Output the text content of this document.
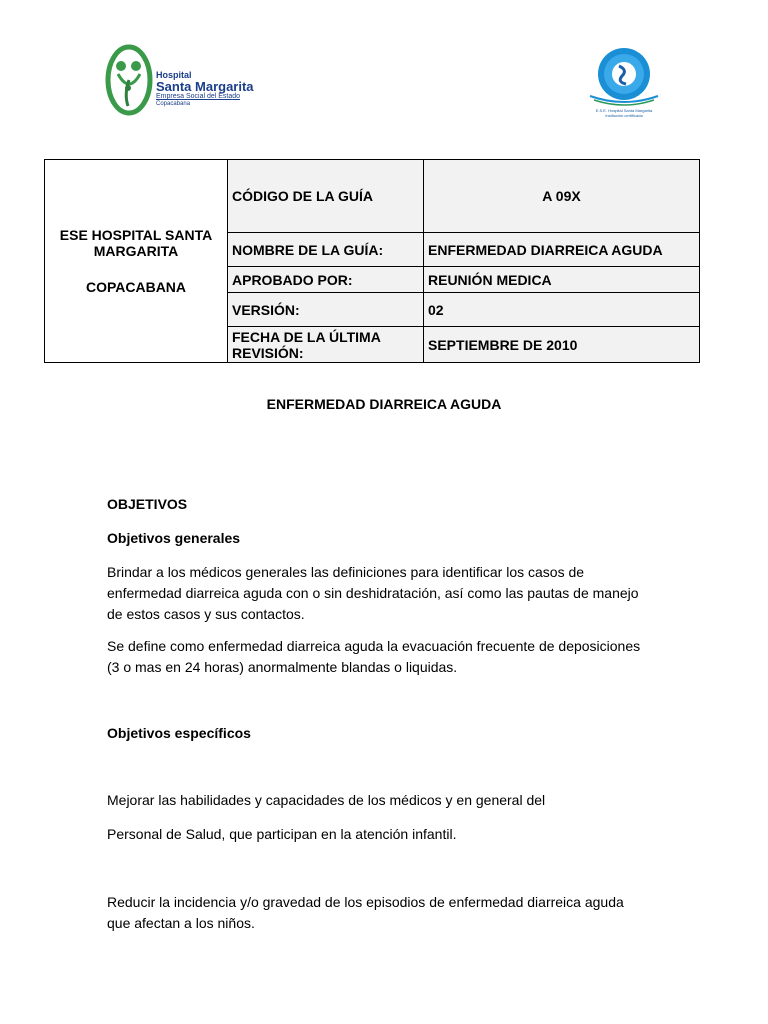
Hospital
Santa Margarita
Empresa Social del Estado
Copacabana
E.S.E. Hospital Santa Margarita
Institución certificada
ESE HOSPITAL SANTA MARGARITA
COPACABANA	CÓDIGO DE LA GUÍA	A 09X
	NOMBRE DE LA GUÍA:	ENFERMEDAD DIARREICA AGUDA
	APROBADO POR:	REUNIÓN MEDICA
	VERSIÓN:	02
	FECHA DE LA ÚLTIMA REVISIÓN:	SEPTIEMBRE DE 2010
ENFERMEDAD DIARREICA AGUDA
OBJETIVOS
Objetivos generales
Brindar a los médicos generales las definiciones para identificar los casos de enfermedad diarreica aguda con o sin deshidratación, así como las pautas de manejo de estos casos y sus contactos.
Se define como enfermedad diarreica aguda la evacuación frecuente de deposiciones (3 o mas en 24 horas) anormalmente blandas o liquidas.
Objetivos específicos
Mejorar las habilidades y capacidades de los médicos y en general del
Personal de Salud, que participan en la atención infantil.
Reducir la incidencia y/o gravedad de los episodios de enfermedad diarreica aguda que afectan a los niños.
